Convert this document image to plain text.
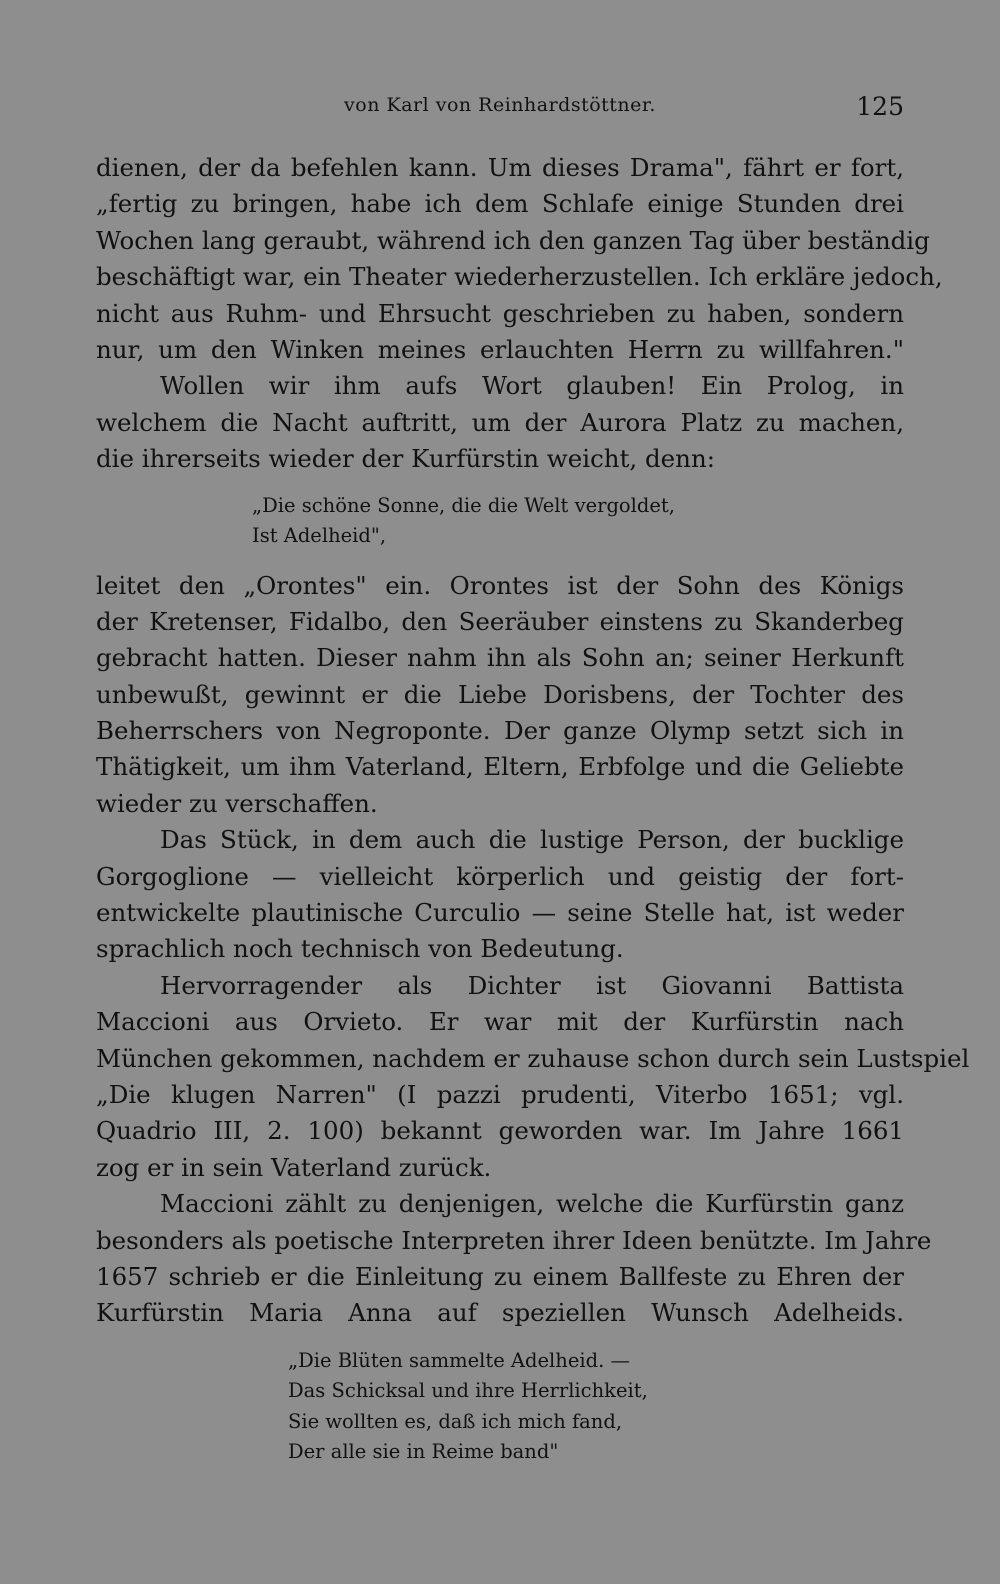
von Karl von Reinhardstöttner.	125
dienen, der da befehlen kann. Um dieses Drama", fährt er fort,
„fertig zu bringen, habe ich dem Schlafe einige Stunden drei
Wochen lang geraubt, während ich den ganzen Tag über beständig
beschäftigt war, ein Theater wiederherzustellen. Ich erkläre jedoch,
nicht aus Ruhm- und Ehrsucht geschrieben zu haben, sondern
nur, um den Winken meines erlauchten Herrn zu willfahren."
Wollen wir ihm aufs Wort glauben! Ein Prolog, in
welchem die Nacht auftritt, um der Aurora Platz zu machen,
die ihrerseits wieder der Kurfürstin weicht, denn:
„Die schöne Sonne, die die Welt vergoldet,
Ist Adelheid",
leitet den „Orontes" ein. Orontes ist der Sohn des Königs
der Kretenser, Fidalbo, den Seeräuber einstens zu Skanderbeg
gebracht hatten. Dieser nahm ihn als Sohn an; seiner Herkunft
unbewußt, gewinnt er die Liebe Dorisbens, der Tochter des
Beherrschers von Negroponte. Der ganze Olymp setzt sich in
Thätigkeit, um ihm Vaterland, Eltern, Erbfolge und die Geliebte
wieder zu verschaffen.
Das Stück, in dem auch die lustige Person, der bucklige
Gorgoglione — vielleicht körperlich und geistig der fort-
entwickelte plautinische Curculio — seine Stelle hat, ist weder
sprachlich noch technisch von Bedeutung.
Hervorragender als Dichter ist Giovanni Battista
Maccioni aus Orvieto. Er war mit der Kurfürstin nach
München gekommen, nachdem er zuhause schon durch sein Lustspiel
„Die klugen Narren" (I pazzi prudenti, Viterbo 1651; vgl.
Quadrio III, 2. 100) bekannt geworden war. Im Jahre 1661
zog er in sein Vaterland zurück.
Maccioni zählt zu denjenigen, welche die Kurfürstin ganz
besonders als poetische Interpreten ihrer Ideen benützte. Im Jahre
1657 schrieb er die Einleitung zu einem Ballfeste zu Ehren der
Kurfürstin Maria Anna auf speziellen Wunsch Adelheids.
„Die Blüten sammelte Adelheid. —
Das Schicksal und ihre Herrlichkeit,
Sie wollten es, daß ich mich fand,
Der alle sie in Reime band"
